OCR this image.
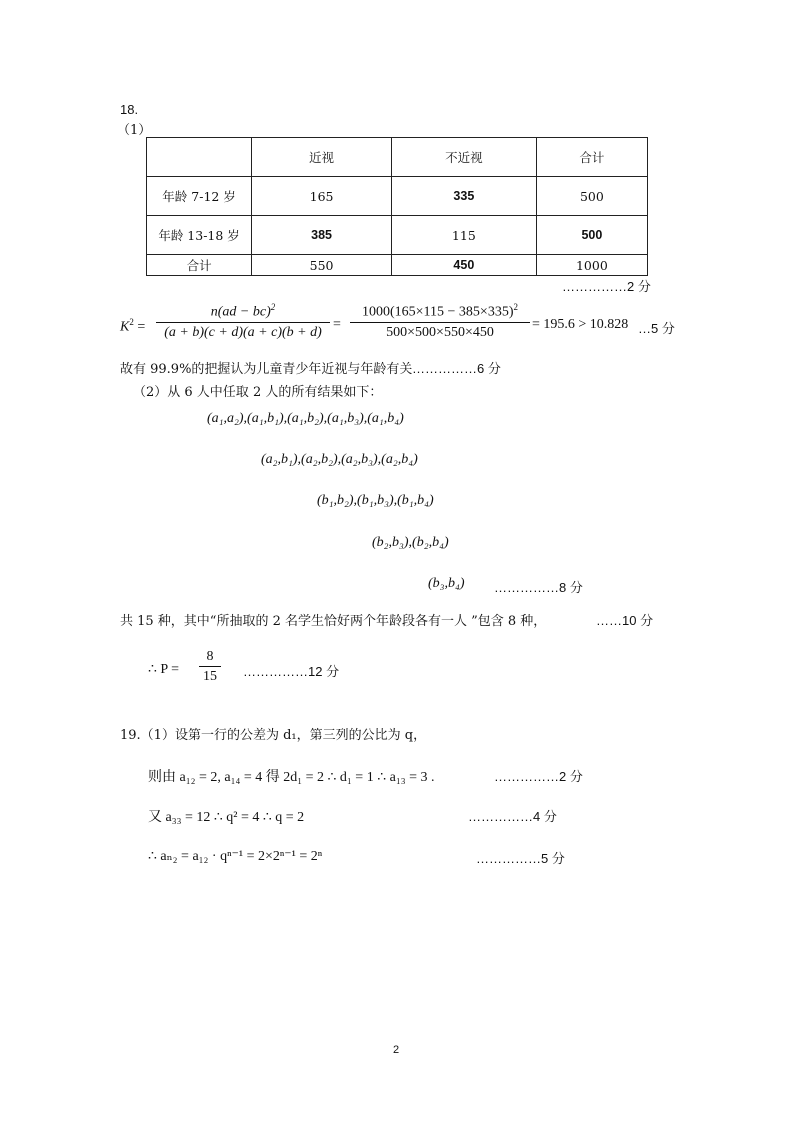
18.
（1）
	近视	不近视	合计
年龄 7-12 岁	165	335	500
年龄 13-18 岁	385	115	500
合计	550	450	1000
……………2 分
$K^2 = \frac{n(ad - bc)^2}{(a + b)(c + d)(a + c)(b + d)} = \frac{1000(165\times 115 - 385\times 335)^2}{500\times 500\times 550\times 450} = 195.6 > 10.828$ …5 分
故有 99.9%的把握认为儿童青少年近视与年龄有关 ……………6 分
（2）从 6 人中任取 2 人的所有结果如下：
(a₁,a₂),(a₁,b₁),(a₁,b₂),(a₁,b₃),(a₁,b₄)
(a₂,b₁),(a₂,b₂),(a₂,b₃),(a₂,b₄)
(b₁,b₂),(b₁,b₃),(b₁,b₄)
(b₂,b₃),(b₂,b₄)
(b₃,b₄) ……………8 分
共 15 种，其中“所抽取的 2 名学生恰好两个年龄段各有一人 ”包含 8 种，	……10 分
∴ $P = \frac{8}{15}$ ……………12 分
19.（1）设第一行的公差为 d₁，第三列的公比为 q，
则由 a₁₂ = 2, a₁₄ = 4 得 2d₁ = 2 ∴ d₁ = 1 ∴ a₁₃ = 3 .	……………2 分
又 a₃₃ = 12 ∴ q² = 4 ∴ q = 2	……………4 分
∴ aₙ₂ = a₁₂ · qⁿ⁻¹ = 2×2ⁿ⁻¹ = 2ⁿ	……………5 分
2
